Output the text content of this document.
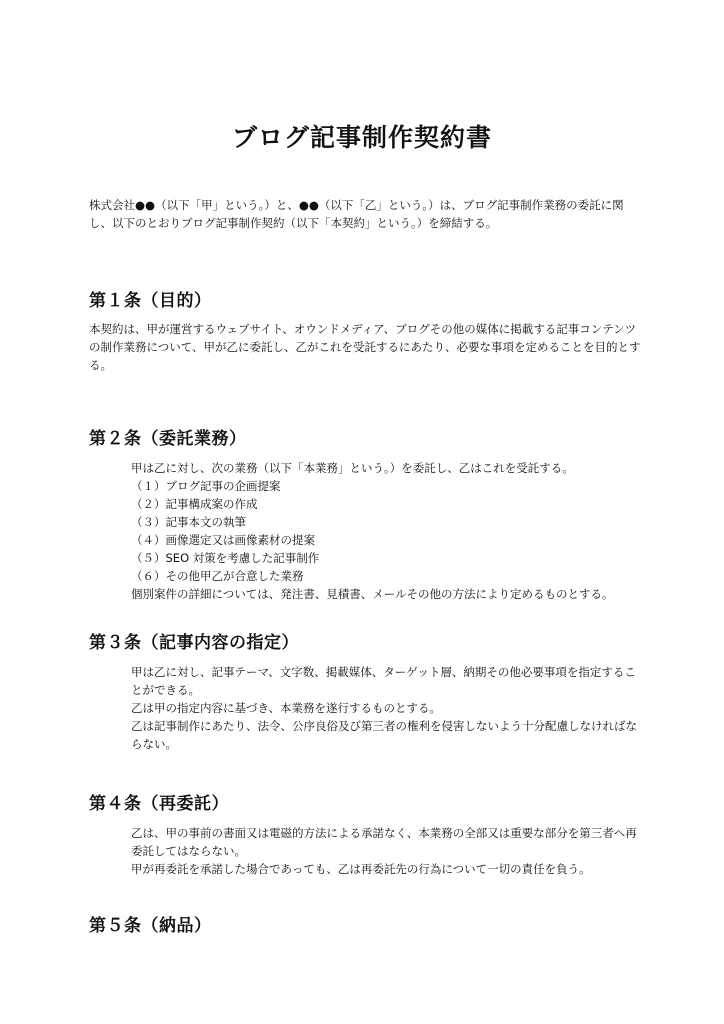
ブログ記事制作契約書
株式会社●●（以下「甲」という。）と、●●（以下「乙」という。）は、ブログ記事制作業務の委託に関し、以下のとおりブログ記事制作契約（以下「本契約」という。）を締結する。
第１条（目的）
本契約は、甲が運営するウェブサイト、オウンドメディア、ブログその他の媒体に掲載する記事コンテンツの制作業務について、甲が乙に委託し、乙がこれを受託するにあたり、必要な事項を定めることを目的とする。
第２条（委託業務）
甲は乙に対し、次の業務（以下「本業務」という。）を委託し、乙はこれを受託する。
（１）ブログ記事の企画提案
（２）記事構成案の作成
（３）記事本文の執筆
（４）画像選定又は画像素材の提案
（５）SEO 対策を考慮した記事制作
（６）その他甲乙が合意した業務
個別案件の詳細については、発注書、見積書、メールその他の方法により定めるものとする。
第３条（記事内容の指定）
甲は乙に対し、記事テーマ、文字数、掲載媒体、ターゲット層、納期その他必要事項を指定することができる。
乙は甲の指定内容に基づき、本業務を遂行するものとする。
乙は記事制作にあたり、法令、公序良俗及び第三者の権利を侵害しないよう十分配慮しなければならない。
第４条（再委託）
乙は、甲の事前の書面又は電磁的方法による承諾なく、本業務の全部又は重要な部分を第三者へ再委託してはならない。
甲が再委託を承諾した場合であっても、乙は再委託先の行為について一切の責任を負う。
第５条（納品）
